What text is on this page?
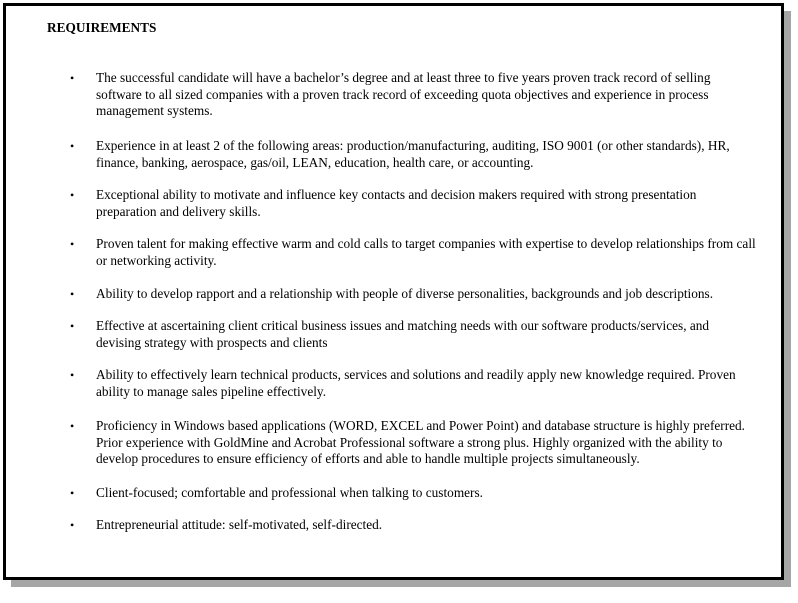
REQUIREMENTS
• The successful candidate will have a bachelor’s degree and at least three to five years proven track record of selling software to all sized companies with a proven track record of exceeding quota objectives and experience in process management systems.
• Experience in at least 2 of the following areas: production/manufacturing, auditing, ISO 9001 (or other standards), HR, finance, banking, aerospace, gas/oil, LEAN, education, health care, or accounting.
• Exceptional ability to motivate and influence key contacts and decision makers required with strong presentation preparation and delivery skills.
• Proven talent for making effective warm and cold calls to target companies with expertise to develop relationships from call or networking activity.
• Ability to develop rapport and a relationship with people of diverse personalities, backgrounds and job descriptions.
• Effective at ascertaining client critical business issues and matching needs with our software products/services, and devising strategy with prospects and clients
• Ability to effectively learn technical products, services and solutions and readily apply new knowledge required. Proven ability to manage sales pipeline effectively.
• Proficiency in Windows based applications (WORD, EXCEL and Power Point) and database structure is highly preferred. Prior experience with GoldMine and Acrobat Professional software a strong plus. Highly organized with the ability to develop procedures to ensure efficiency of efforts and able to handle multiple projects simultaneously.
• Client-focused; comfortable and professional when talking to customers.
• Entrepreneurial attitude: self-motivated, self-directed.
